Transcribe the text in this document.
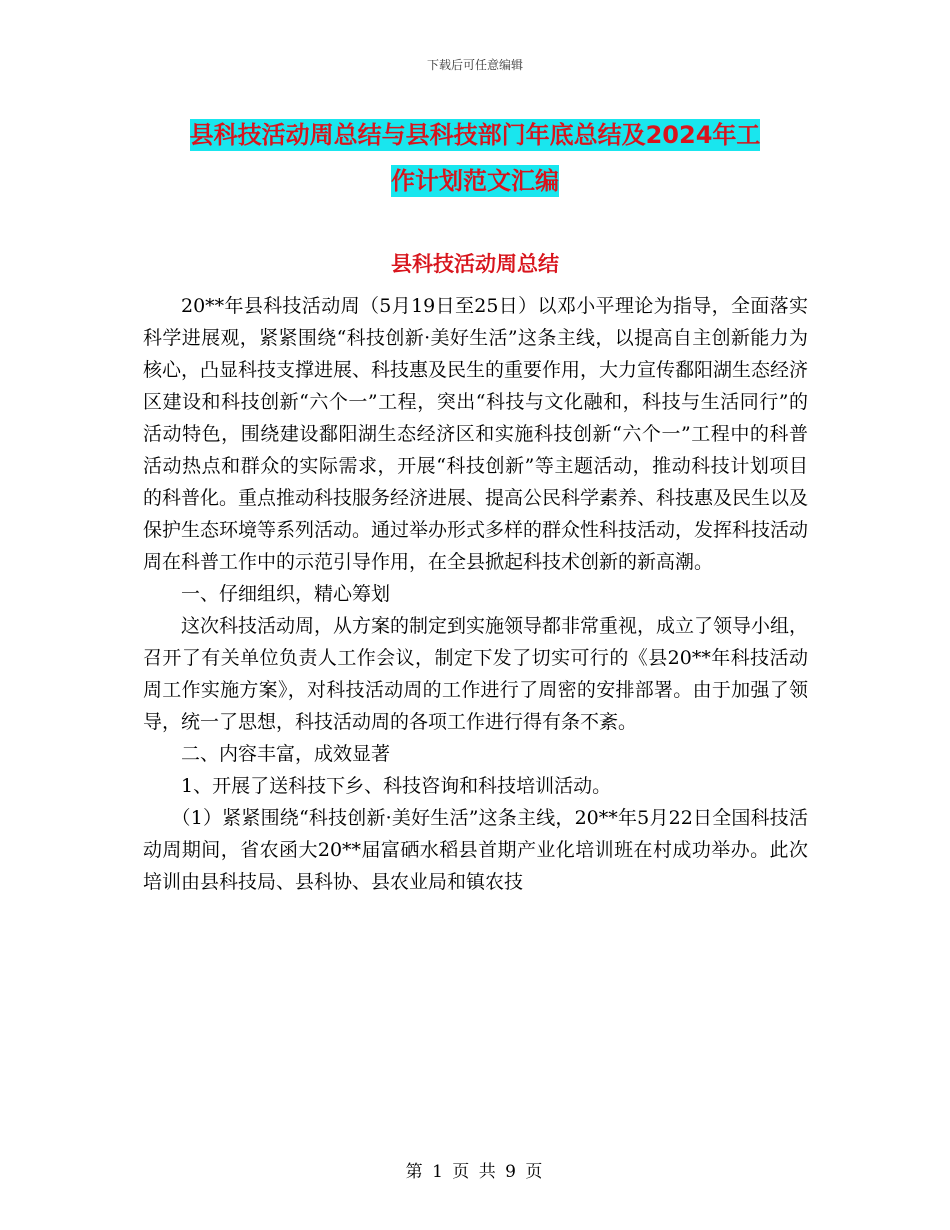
下载后可任意编辑
县科技活动周总结与县科技部门年底总结及2024年工
作计划范文汇编
县科技活动周总结

20**年县科技活动周（5月19日至25日）以邓小平理论为指导，全面落实科学进展观，紧紧围绕“科技创新·美好生活”这条主线，以提高自主创新能力为核心，凸显科技支撑进展、科技惠及民生的重要作用，大力宣传鄱阳湖生态经济区建设和科技创新“六个一”工程，突出“科技与文化融和，科技与生活同行”的活动特色，围绕建设鄱阳湖生态经济区和实施科技创新“六个一”工程中的科普活动热点和群众的实际需求，开展“科技创新”等主题活动，推动科技计划项目的科普化。重点推动科技服务经济进展、提高公民科学素养、科技惠及民生以及保护生态环境等系列活动。通过举办形式多样的群众性科技活动，发挥科技活动周在科普工作中的示范引导作用，在全县掀起科技术创新的新高潮。

一、仔细组织，精心筹划

这次科技活动周，从方案的制定到实施领导都非常重视，成立了领导小组，召开了有关单位负责人工作会议，制定下发了切实可行的《县20**年科技活动周工作实施方案》，对科技活动周的工作进行了周密的安排部署。由于加强了领导，统一了思想，科技活动周的各项工作进行得有条不紊。

二、内容丰富，成效显著

1、开展了送科技下乡、科技咨询和科技培训活动。

（1）紧紧围绕“科技创新·美好生活”这条主线，20**年5月22日全国科技活动周期间，省农函大20**届富硒水稻县首期产业化培训班在村成功举办。此次培训由县科技局、县科协、县农业局和镇农技

第 1 页 共 9 页
